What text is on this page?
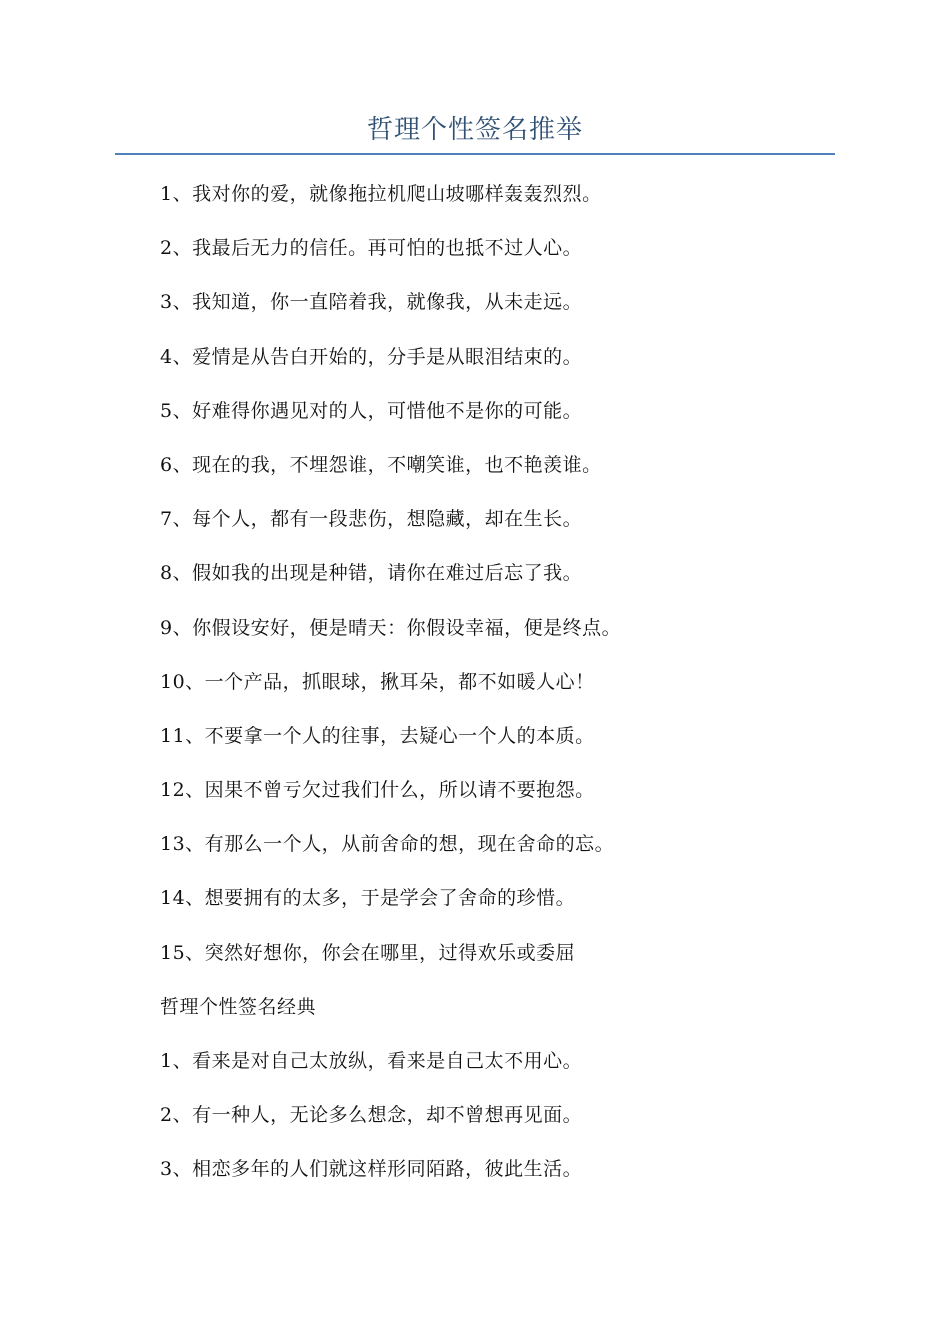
哲理个性签名推举
1、我对你的爱，就像拖拉机爬山坡哪样轰轰烈烈。
2、我最后无力的信任。再可怕的也抵不过人心。
3、我知道，你一直陪着我，就像我，从未走远。
4、爱情是从告白开始的，分手是从眼泪结束的。
5、好难得你遇见对的人，可惜他不是你的可能。
6、现在的我，不埋怨谁，不嘲笑谁，也不艳羡谁。
7、每个人，都有一段悲伤，想隐藏，却在生长。
8、假如我的出现是种错，请你在难过后忘了我。
9、你假设安好，便是晴天：你假设幸福，便是终点。
10、一个产品，抓眼球，揪耳朵，都不如暖人心！
11、不要拿一个人的往事，去疑心一个人的本质。
12、因果不曾亏欠过我们什么，所以请不要抱怨。
13、有那么一个人，从前舍命的想，现在舍命的忘。
14、想要拥有的太多，于是学会了舍命的珍惜。
15、突然好想你，你会在哪里，过得欢乐或委屈
哲理个性签名经典
1、看来是对自己太放纵，看来是自己太不用心。
2、有一种人，无论多么想念，却不曾想再见面。
3、相恋多年的人们就这样形同陌路，彼此生活。
